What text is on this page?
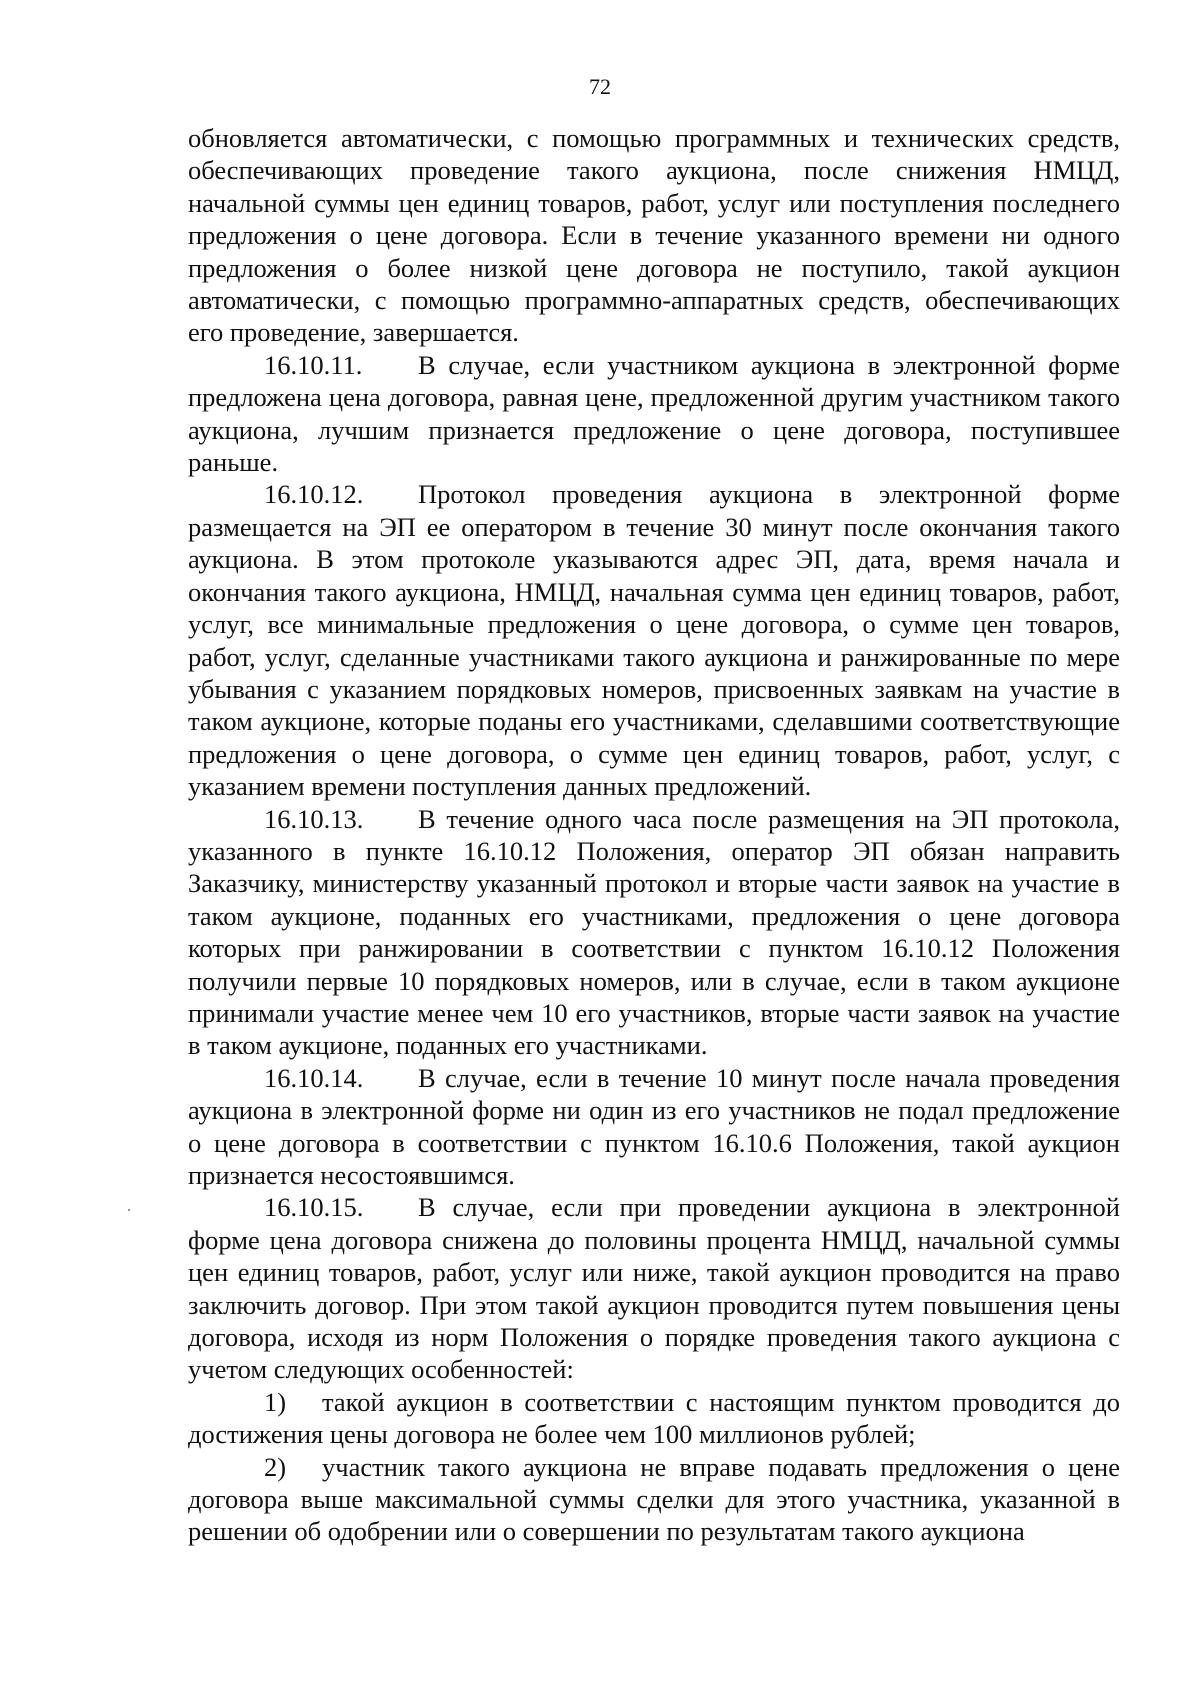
72

обновляется автоматически, с помощью программных и технических средств, обеспечивающих проведение такого аукциона, после снижения НМЦД, начальной суммы цен единиц товаров, работ, услуг или поступления последнего предложения о цене договора. Если в течение указанного времени ни одного предложения о более низкой цене договора не поступило, такой аукцион автоматически, с помощью программно-аппаратных средств, обеспечивающих его проведение, завершается.

16.10.11. В случае, если участником аукциона в электронной форме предложена цена договора, равная цене, предложенной другим участником такого аукциона, лучшим признается предложение о цене договора, поступившее раньше.

16.10.12. Протокол проведения аукциона в электронной форме размещается на ЭП ее оператором в течение 30 минут после окончания такого аукциона. В этом протоколе указываются адрес ЭП, дата, время начала и окончания такого аукциона, НМЦД, начальная сумма цен единиц товаров, работ, услуг, все минимальные предложения о цене договора, о сумме цен товаров, работ, услуг, сделанные участниками такого аукциона и ранжированные по мере убывания с указанием порядковых номеров, присвоенных заявкам на участие в таком аукционе, которые поданы его участниками, сделавшими соответствующие предложения о цене договора, о сумме цен единиц товаров, работ, услуг, с указанием времени поступления данных предложений.

16.10.13. В течение одного часа после размещения на ЭП протокола, указанного в пункте 16.10.12 Положения, оператор ЭП обязан направить Заказчику, министерству указанный протокол и вторые части заявок на участие в таком аукционе, поданных его участниками, предложения о цене договора которых при ранжировании в соответствии с пунктом 16.10.12 Положения получили первые 10 порядковых номеров, или в случае, если в таком аукционе принимали участие менее чем 10 его участников, вторые части заявок на участие в таком аукционе, поданных его участниками.

16.10.14. В случае, если в течение 10 минут после начала проведения аукциона в электронной форме ни один из его участников не подал предложение о цене договора в соответствии с пунктом 16.10.6 Положения, такой аукцион признается несостоявшимся.

16.10.15. В случае, если при проведении аукциона в электронной форме цена договора снижена до половины процента НМЦД, начальной суммы цен единиц товаров, работ, услуг или ниже, такой аукцион проводится на право заключить договор. При этом такой аукцион проводится путем повышения цены договора, исходя из норм Положения о порядке проведения такого аукциона с учетом следующих особенностей:

1) такой аукцион в соответствии с настоящим пунктом проводится до достижения цены договора не более чем 100 миллионов рублей;

2) участник такого аукциона не вправе подавать предложения о цене договора выше максимальной суммы сделки для этого участника, указанной в решении об одобрении или о совершении по результатам такого аукциона
